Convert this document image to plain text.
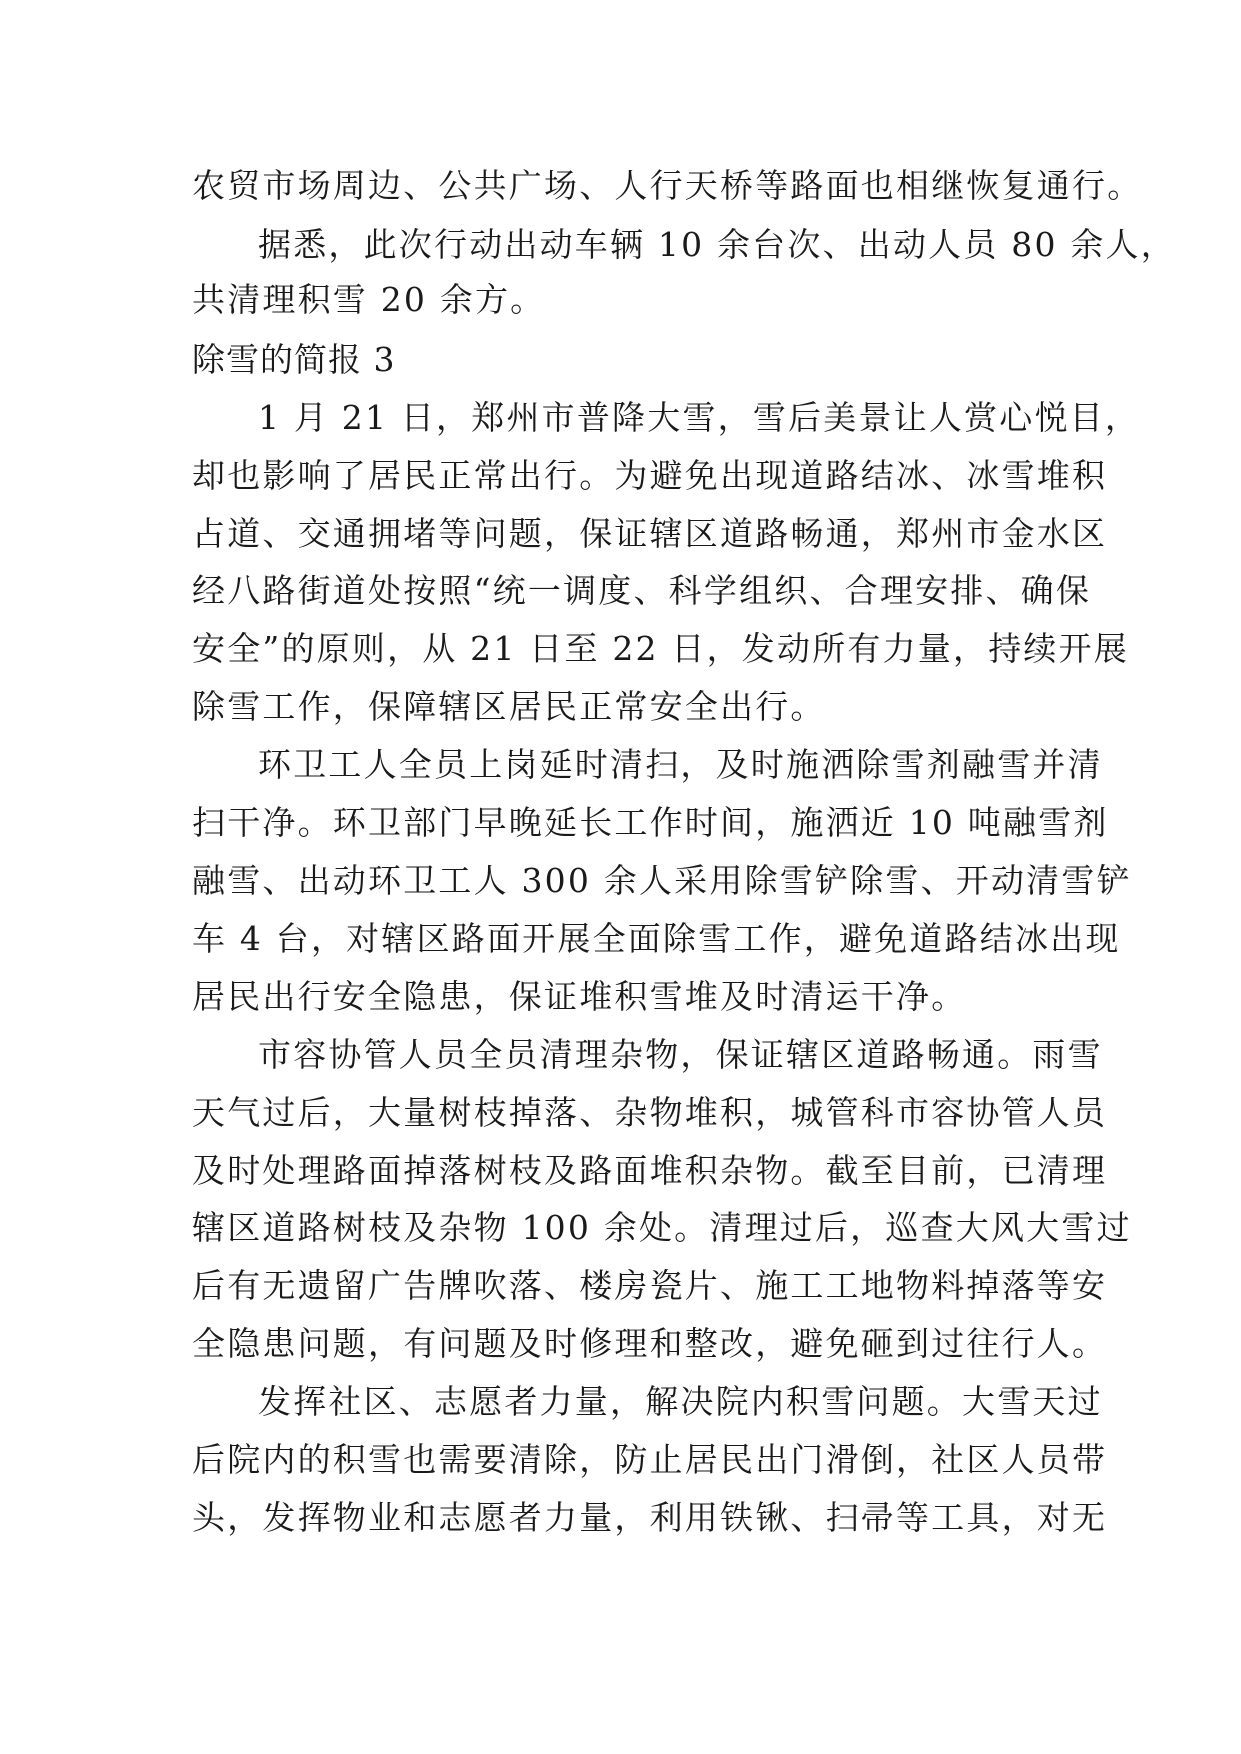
农贸市场周边、公共广场、人行天桥等路面也相继恢复通行。
据悉，此次行动出动车辆 10 余台次、出动人员 80 余人，
共清理积雪 20 余方。
除雪的简报 3
1 月 21 日，郑州市普降大雪，雪后美景让人赏心悦目，
却也影响了居民正常出行。为避免出现道路结冰、冰雪堆积
占道、交通拥堵等问题，保证辖区道路畅通，郑州市金水区
经八路街道处按照“统一调度、科学组织、合理安排、确保
安全”的原则，从 21 日至 22 日，发动所有力量，持续开展
除雪工作，保障辖区居民正常安全出行。
环卫工人全员上岗延时清扫，及时施洒除雪剂融雪并清
扫干净。环卫部门早晚延长工作时间，施洒近 10 吨融雪剂
融雪、出动环卫工人 300 余人采用除雪铲除雪、开动清雪铲
车 4 台，对辖区路面开展全面除雪工作，避免道路结冰出现
居民出行安全隐患，保证堆积雪堆及时清运干净。
市容协管人员全员清理杂物，保证辖区道路畅通。雨雪
天气过后，大量树枝掉落、杂物堆积，城管科市容协管人员
及时处理路面掉落树枝及路面堆积杂物。截至目前，已清理
辖区道路树枝及杂物 100 余处。清理过后，巡查大风大雪过
后有无遗留广告牌吹落、楼房瓷片、施工工地物料掉落等安
全隐患问题，有问题及时修理和整改，避免砸到过往行人。
发挥社区、志愿者力量，解决院内积雪问题。大雪天过
后院内的积雪也需要清除，防止居民出门滑倒，社区人员带
头，发挥物业和志愿者力量，利用铁锹、扫帚等工具，对无
